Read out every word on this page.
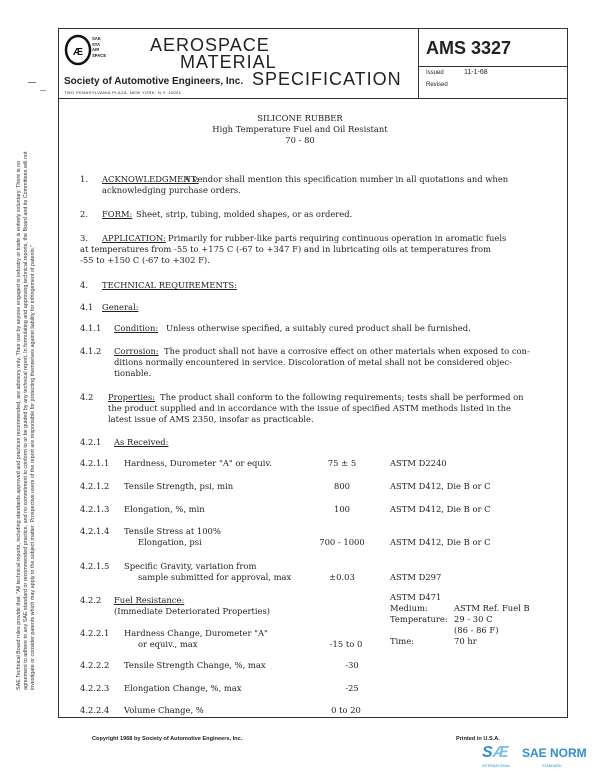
SAE Technical Board rules provide that: "All technical reports, including standards approved and practices recommended, are advisory only. Their use by anyone engaged in industry or trade is entirely voluntary. There is no agreement to adhere to any SAE standard or recommended practice, and no commitment to conform to or be guided by any technical report. In formulating and approving technical reports, the Board and its Committees will not investigate or consider patents which may apply to the subject matter. Prospective users of the report are responsible for protecting themselves against liability for infringement of patents."
Æ
SAE
STA
AIR
SPACE
AEROSPACE
MATERIAL
SPECIFICATION
Society of Automotive Engineers, Inc.
TWO PENNSYLVANIA PLAZA, NEW YORK, N.Y. 10001
AMS 3327
Issued	11-1-68
Revised
SILICONE RUBBER
High Temperature Fuel and Oil Resistant
70 - 80
1. ACKNOWLEDGMENT:
A vendor shall mention this specification number in all quotations and when
acknowledging purchase orders.
2. FORM: Sheet, strip, tubing, molded shapes, or as ordered.
3. APPLICATION: Primarily for rubber-like parts requiring continuous operation in aromatic fuels
at temperatures from -55 to +175 C (-67 to +347 F) and in lubricating oils at temperatures from
-55 to +150 C (-67 to +302 F).
4. TECHNICAL REQUIREMENTS:
4.1 General:
4.1.1 Condition: Unless otherwise specified, a suitably cured product shall be furnished.
4.1.2 Corrosion: The product shall not have a corrosive effect on other materials when exposed to con-
ditions normally encountered in service. Discoloration of metal shall not be considered objec-
tionable.
4.2 Properties: The product shall conform to the following requirements; tests shall be performed on
the product supplied and in accordance with the issue of specified ASTM methods listed in the
latest issue of AMS 2350, insofar as practicable.
4.2.1 As Received:
4.2.1.1 Hardness, Durometer "A" or equiv.	75 ± 5	ASTM D2240
4.2.1.2 Tensile Strength, psi, min	800	ASTM D412, Die B or C
4.2.1.3 Elongation, %, min	100	ASTM D412, Die B or C
4.2.1.4 Tensile Stress at 100%
Elongation, psi	700 - 1000	ASTM D412, Die B or C
4.2.1.5 Specific Gravity, variation from
sample submitted for approval, max	±0.03	ASTM D297
4.2.2 Fuel Resistance:
(Immediate Deteriorated Properties)
ASTM D471
Medium:	ASTM Ref. Fuel B
Temperature: 29 - 30 C
(86 - 86 F)
Time:	70 hr
4.2.2.1 Hardness Change, Durometer "A"
or equiv., max	-15 to 0
4.2.2.2 Tensile Strength Change, %, max	-30
4.2.2.3 Elongation Change, %, max	-25
4.2.2.4 Volume Change, %	0 to 20
Copyright 1968 by Society of Automotive Engineers, Inc.	Printed in U.S.A.
SÆ SAE NORM
INTERNATIONAL	STANDARD
